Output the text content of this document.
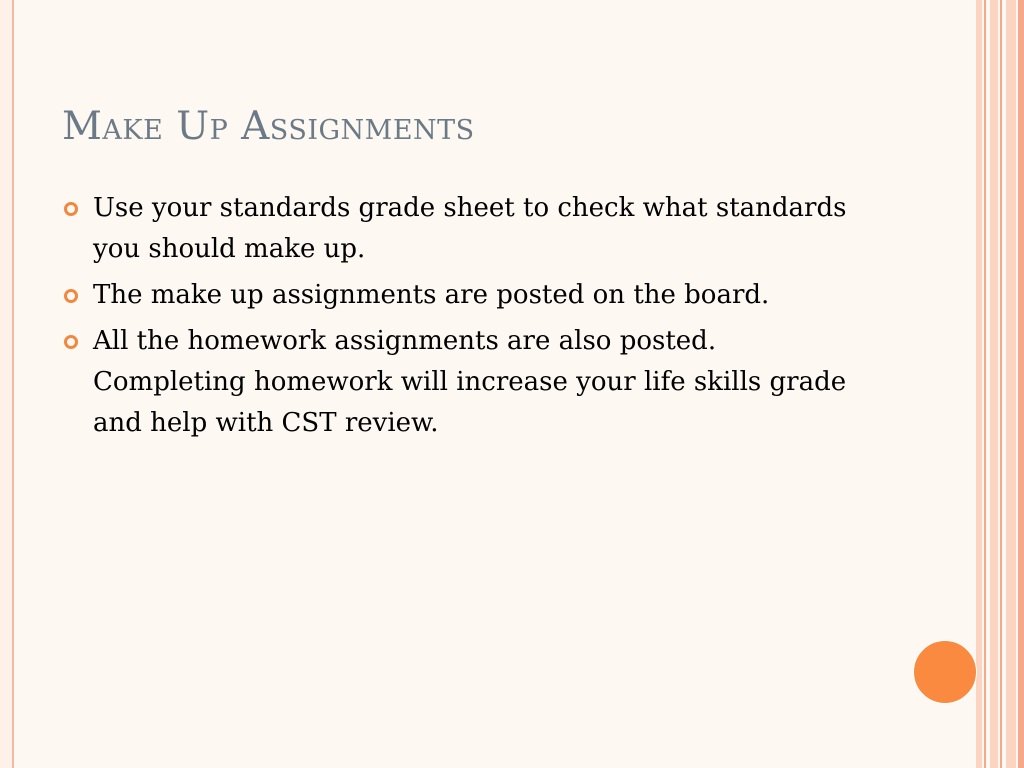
Make Up Assignments
Use your standards grade sheet to check what standards you should make up.
The make up assignments are posted on the board.
All the homework assignments are also posted. Completing homework will increase your life skills grade and help with CST review.
